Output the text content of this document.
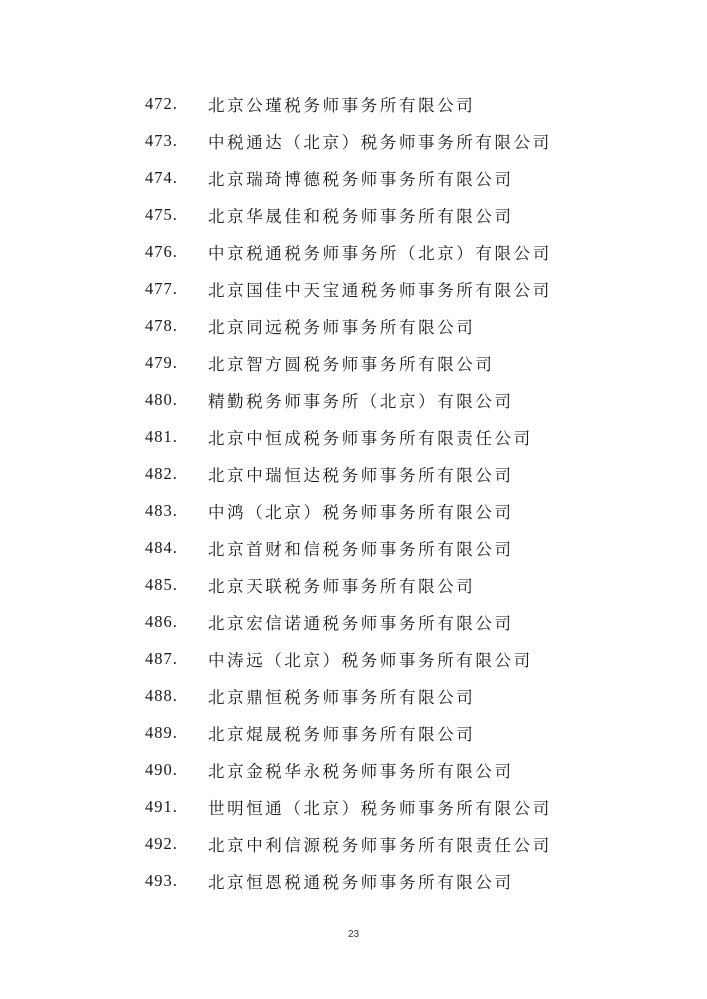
472.	北京公瑾税务师事务所有限公司
473.	中税通达（北京）税务师事务所有限公司
474.	北京瑞琦博德税务师事务所有限公司
475.	北京华晟佳和税务师事务所有限公司
476.	中京税通税务师事务所（北京）有限公司
477.	北京国佳中天宝通税务师事务所有限公司
478.	北京同远税务师事务所有限公司
479.	北京智方圆税务师事务所有限公司
480.	精勤税务师事务所（北京）有限公司
481.	北京中恒成税务师事务所有限责任公司
482.	北京中瑞恒达税务师事务所有限公司
483.	中鸿（北京）税务师事务所有限公司
484.	北京首财和信税务师事务所有限公司
485.	北京天联税务师事务所有限公司
486.	北京宏信诺通税务师事务所有限公司
487.	中涛远（北京）税务师事务所有限公司
488.	北京鼎恒税务师事务所有限公司
489.	北京焜晟税务师事务所有限公司
490.	北京金税华永税务师事务所有限公司
491.	世明恒通（北京）税务师事务所有限公司
492.	北京中利信源税务师事务所有限责任公司
493.	北京恒恩税通税务师事务所有限公司
23
